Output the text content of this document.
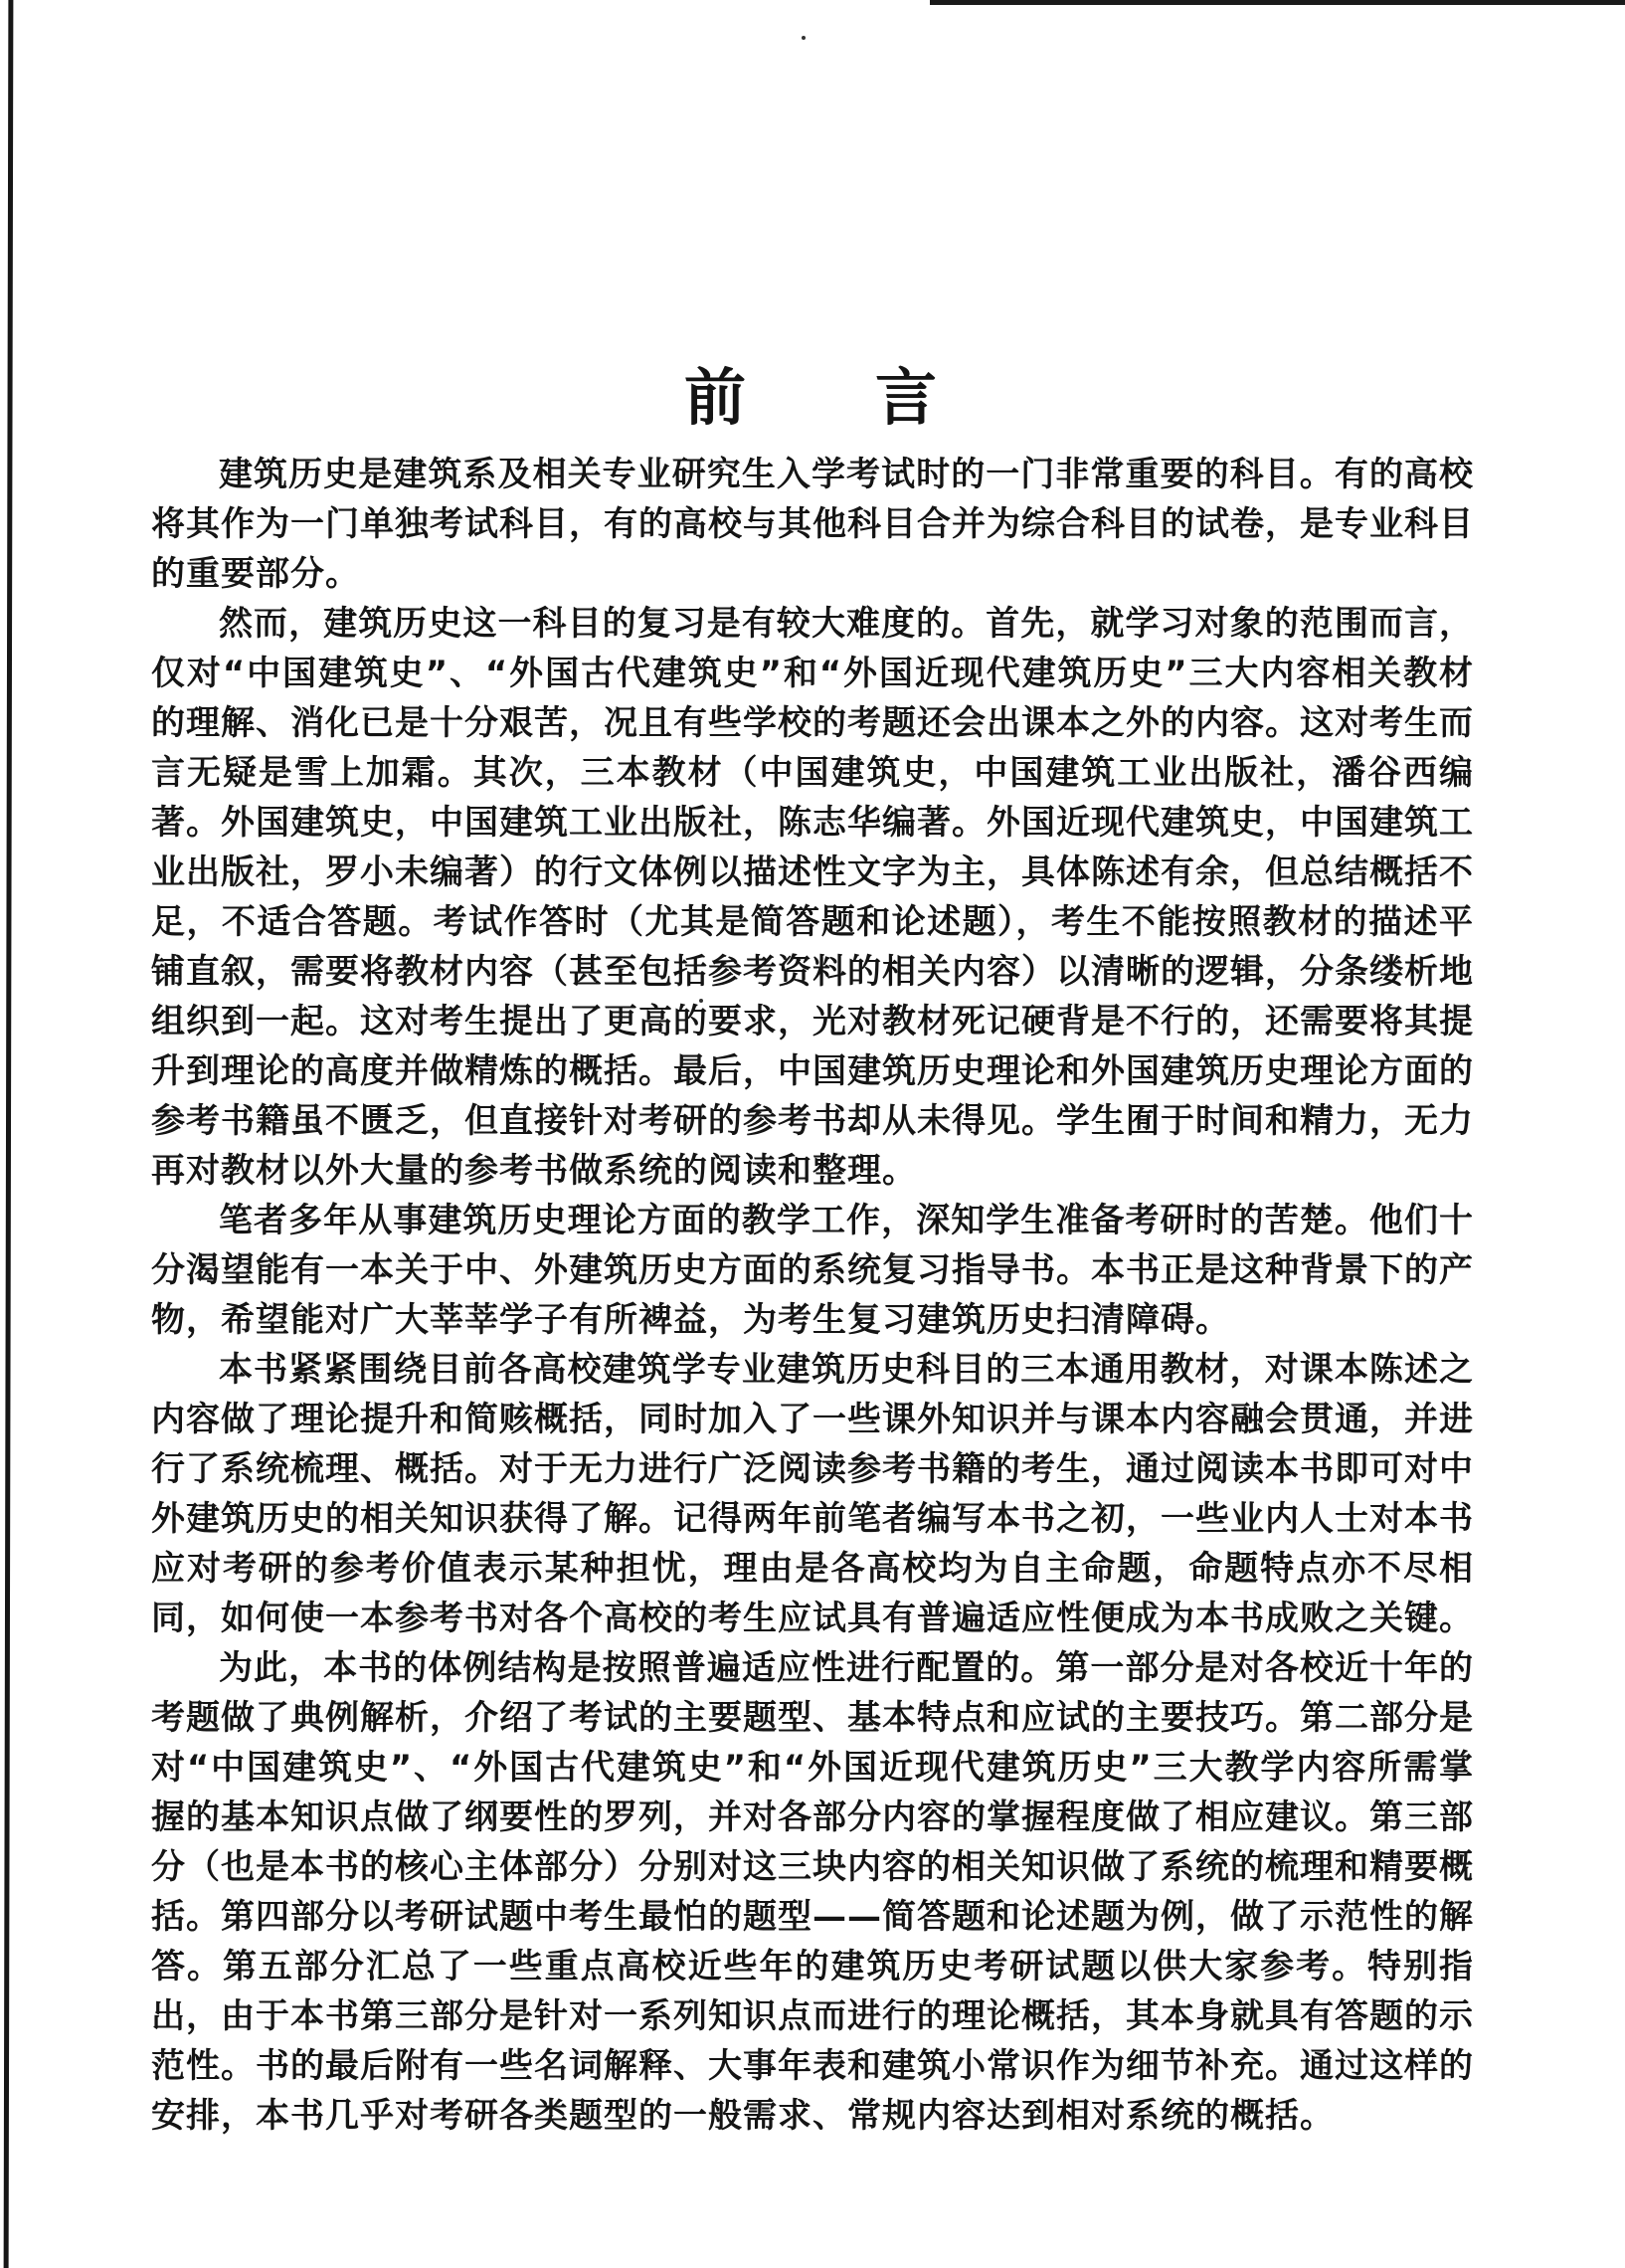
前　　言

建筑历史是建筑系及相关专业研究生入学考试时的一门非常重要的科目。有的高校将其作为一门单独考试科目，有的高校与其他科目合并为综合科目的试卷，是专业科目的重要部分。

然而，建筑历史这一科目的复习是有较大难度的。首先，就学习对象的范围而言，仅对“中国建筑史”、“外国古代建筑史”和“外国近现代建筑历史”三大内容相关教材的理解、消化已是十分艰苦，况且有些学校的考题还会出课本之外的内容。这对考生而言无疑是雪上加霜。其次，三本教材（中国建筑史，中国建筑工业出版社，潘谷西编著。外国建筑史，中国建筑工业出版社，陈志华编著。外国近现代建筑史，中国建筑工业出版社，罗小未编著）的行文体例以描述性文字为主，具体陈述有余，但总结概括不足，不适合答题。考试作答时（尤其是简答题和论述题），考生不能按照教材的描述平铺直叙，需要将教材内容（甚至包括参考资料的相关内容）以清晰的逻辑，分条缕析地组织到一起。这对考生提出了更高的要求，光对教材死记硬背是不行的，还需要将其提升到理论的高度并做精炼的概括。最后，中国建筑历史理论和外国建筑历史理论方面的参考书籍虽不匮乏，但直接针对考研的参考书却从未得见。学生囿于时间和精力，无力再对教材以外大量的参考书做系统的阅读和整理。

笔者多年从事建筑历史理论方面的教学工作，深知学生准备考研时的苦楚。他们十分渴望能有一本关于中、外建筑历史方面的系统复习指导书。本书正是这种背景下的产物，希望能对广大莘莘学子有所裨益，为考生复习建筑历史扫清障碍。

本书紧紧围绕目前各高校建筑学专业建筑历史科目的三本通用教材，对课本陈述之内容做了理论提升和简赅概括，同时加入了一些课外知识并与课本内容融会贯通，并进行了系统梳理、概括。对于无力进行广泛阅读参考书籍的考生，通过阅读本书即可对中外建筑历史的相关知识获得了解。记得两年前笔者编写本书之初，一些业内人士对本书应对考研的参考价值表示某种担忧，理由是各高校均为自主命题，命题特点亦不尽相同，如何使一本参考书对各个高校的考生应试具有普遍适应性便成为本书成败之关键。

为此，本书的体例结构是按照普遍适应性进行配置的。第一部分是对各校近十年的考题做了典例解析，介绍了考试的主要题型、基本特点和应试的主要技巧。第二部分是对“中国建筑史”、“外国古代建筑史”和“外国近现代建筑历史”三大教学内容所需掌握的基本知识点做了纲要性的罗列，并对各部分内容的掌握程度做了相应建议。第三部分（也是本书的核心主体部分）分别对这三块内容的相关知识做了系统的梳理和精要概括。第四部分以考研试题中考生最怕的题型——简答题和论述题为例，做了示范性的解答。第五部分汇总了一些重点高校近些年的建筑历史考研试题以供大家参考。特别指出，由于本书第三部分是针对一系列知识点而进行的理论概括，其本身就具有答题的示范性。书的最后附有一些名词解释、大事年表和建筑小常识作为细节补充。通过这样的安排，本书几乎对考研各类题型的一般需求、常规内容达到相对系统的概括。
